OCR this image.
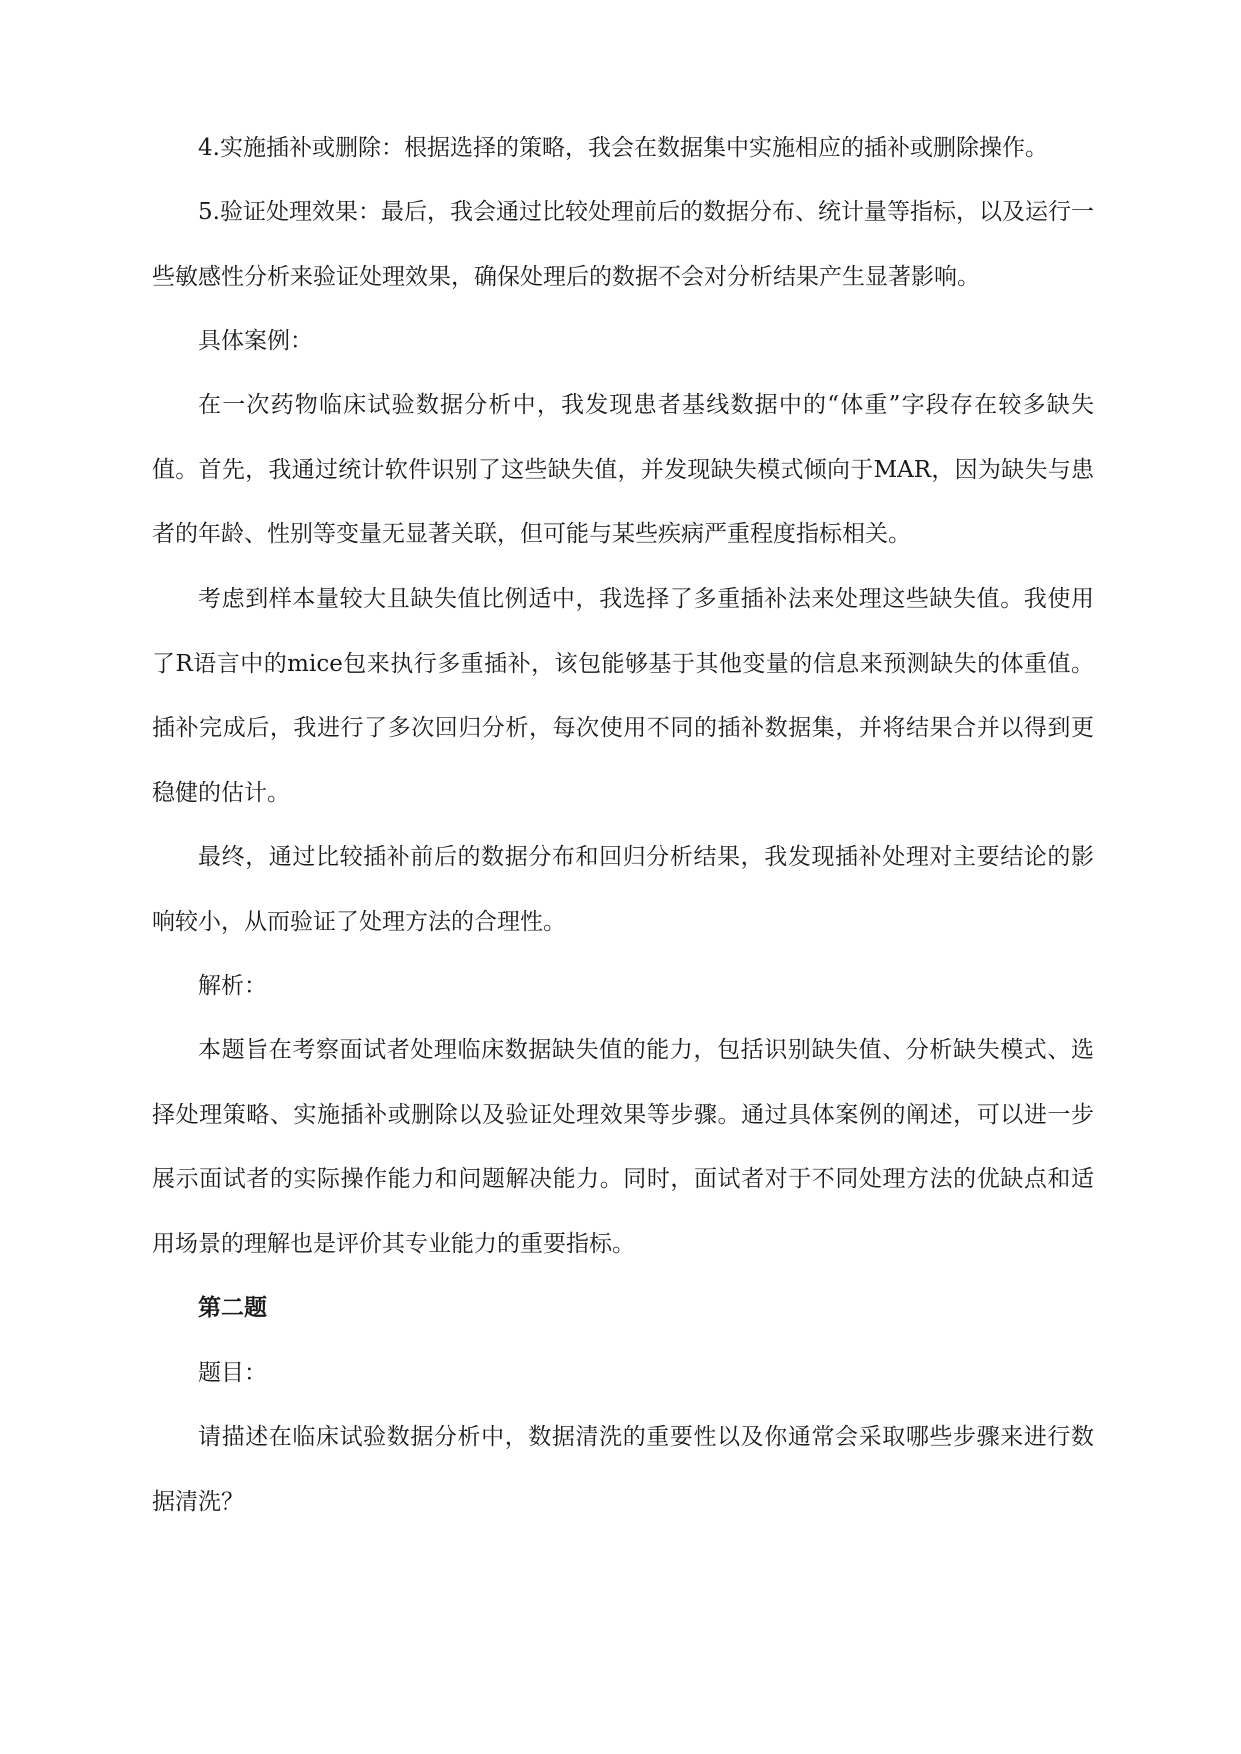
4.实施插补或删除：根据选择的策略，我会在数据集中实施相应的插补或删除操作。

5.验证处理效果：最后，我会通过比较处理前后的数据分布、统计量等指标，以及运行一些敏感性分析来验证处理效果，确保处理后的数据不会对分析结果产生显著影响。

具体案例：

在一次药物临床试验数据分析中，我发现患者基线数据中的“体重”字段存在较多缺失值。首先，我通过统计软件识别了这些缺失值，并发现缺失模式倾向于MAR，因为缺失与患者的年龄、性别等变量无显著关联，但可能与某些疾病严重程度指标相关。

考虑到样本量较大且缺失值比例适中，我选择了多重插补法来处理这些缺失值。我使用了R语言中的mice包来执行多重插补，该包能够基于其他变量的信息来预测缺失的体重值。插补完成后，我进行了多次回归分析，每次使用不同的插补数据集，并将结果合并以得到更稳健的估计。

最终，通过比较插补前后的数据分布和回归分析结果，我发现插补处理对主要结论的影响较小，从而验证了处理方法的合理性。

解析：

本题旨在考察面试者处理临床数据缺失值的能力，包括识别缺失值、分析缺失模式、选择处理策略、实施插补或删除以及验证处理效果等步骤。通过具体案例的阐述，可以进一步展示面试者的实际操作能力和问题解决能力。同时，面试者对于不同处理方法的优缺点和适用场景的理解也是评价其专业能力的重要指标。

第二题

题目：

请描述在临床试验数据分析中，数据清洗的重要性以及你通常会采取哪些步骤来进行数据清洗？
